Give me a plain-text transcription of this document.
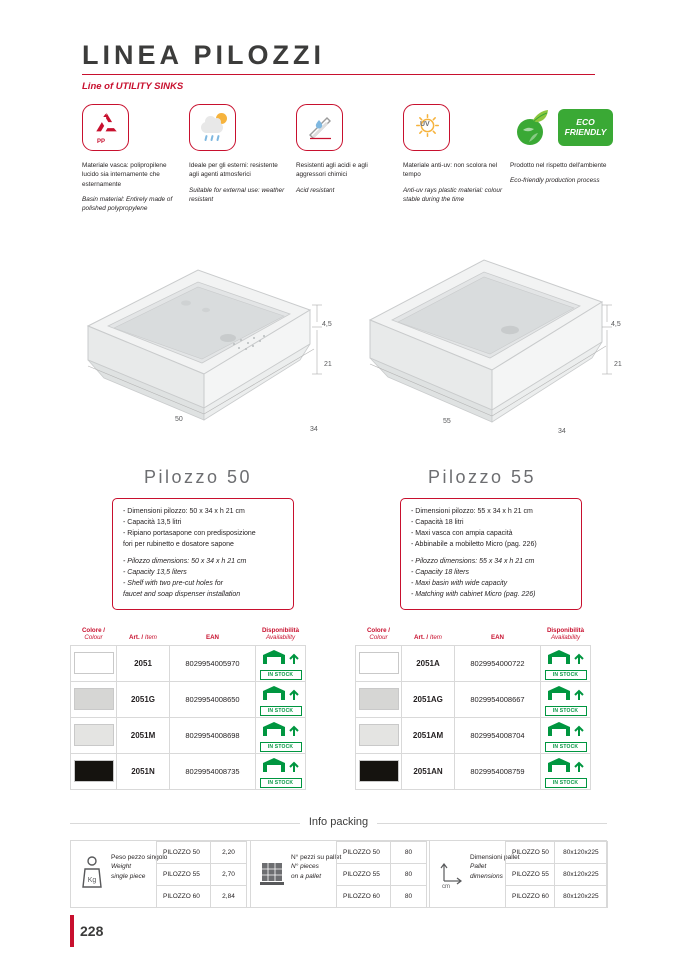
LINEA PILOZZI
Line of UTILITY SINKS
PP
Materiale vasca: polipropilene lucido sia internamente che esternamente
Basin material: Entirely made of polished polypropylene
Ideale per gli esterni: resistente agli agenti atmosferici
Suitable for external use: weather resistant
Resistenti agli acidi e agli aggressori chimici
Acid resistant
UV
Materiale anti-uv: non scolora nel tempo
Anti-uv rays plastic material: colour stable during the time
ECO
FRIENDLY
Prodotto nel rispetto dell'ambiente
Eco-friendly production process
50
34
4,5
21
55
34
4,5
21
Pilozzo 50	Pilozzo 55
- Dimensioni pilozzo: 50 x 34 x h 21 cm
- Capacità 13,5 litri
- Ripiano portasapone con predisposizione
fori per rubinetto e dosatore sapone
- Pilozzo dimensions: 50 x 34 x h 21 cm
- Capacity 13,5 liters
- Shelf with two pre-cut holes for
faucet and soap dispenser installation
- Dimensioni pilozzo: 55 x 34 x h 21 cm
- Capacità 18 litri
- Maxi vasca con ampia capacità
- Abbinabile a mobiletto Micro (pag. 226)
- Pilozzo dimensions: 55 x 34 x h 21 cm
- Capacity 18 liters
- Maxi basin with wide capacity
- Matching with cabinet Micro (pag. 226)
Colore / Colour	Art. / Item	EAN	Disponibilità
Availability

	2051	8029954005970	IN STOCK

	2051G	8029954008650	IN STOCK

	2051M	8029954008698	IN STOCK

	2051N	8029954008735	IN STOCK
Colore / Colour	Art. / Item	EAN	Disponibilità
Availability

	2051A	8029954000722	IN STOCK

	2051AG	8029954008667	IN STOCK

	2051AM	8029954008704	IN STOCK

	2051AN	8029954008759	IN STOCK
Info packing
Kg
Peso pezzo singolo
Weight
single piece
PILOZZO 50	2,20
PILOZZO 55	2,70
PILOZZO 60	2,84
N° pezzi su pallet
N° pieces
on a pallet
PILOZZO 50	80
PILOZZO 55	80
PILOZZO 60	80
cm
Dimensioni pallet
Pallet
dimensions
PILOZZO 50	80x120x225
PILOZZO 55	80x120x225
PILOZZO 60	80x120x225
228
